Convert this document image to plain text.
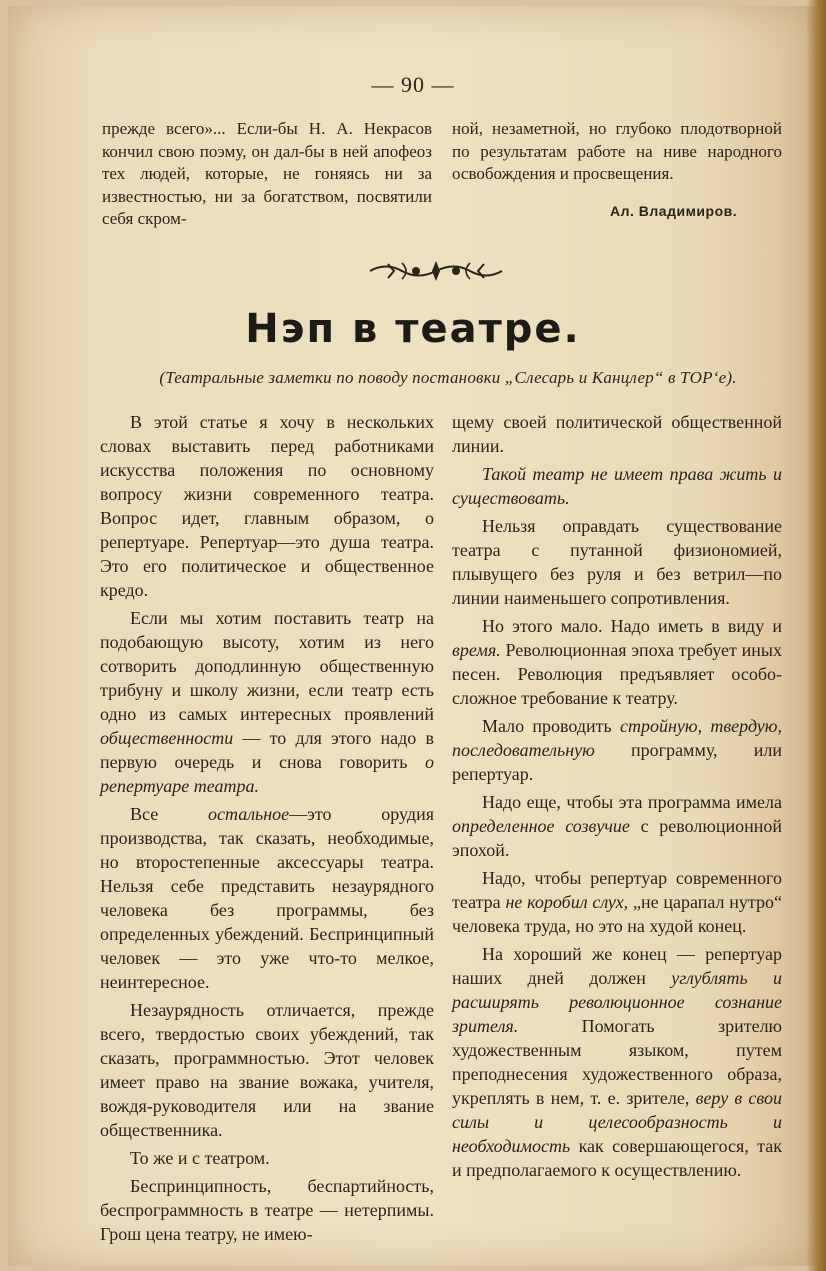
— 90 —

прежде всего»... Если-бы Н. А. Некрасов кончил свою поэму, он дал-бы в ней апофеоз тех людей, которые, не гоняясь ни за известностью, ни за богатством, посвятили себя скром-

ной, незаметной, но глубоко плодотворной по результатам работе на ниве народного освобождения и просвещения.

Ал. Владимиров.
Нэп в театре.
(Театральные заметки по поводу постановки „Слесарь и Канцлер“ в ТОР‘е).

В этой статье я хочу в нескольких словах выставить перед работниками искусства положения по основному вопросу жизни современного театра. Вопрос идет, главным образом, о репертуаре. Репертуар—это душа театра. Это его политическое и общественное кредо.

Если мы хотим поставить театр на подобающую высоту, хотим из него сотворить доподлинную общественную трибуну и школу жизни, если театр есть одно из самых интересных проявлений общественности — то для этого надо в первую очередь и снова говорить о репертуаре театра.

Все остальное—это орудия производства, так сказать, необходимые, но второстепенные аксессуары театра. Нельзя себе представить незаурядного человека без программы, без определенных убеждений. Беспринципный человек — это уже что-то мелкое, неинтересное.

Незаурядность отличается, прежде всего, твердостью своих убеждений, так сказать, программностью. Этот человек имеет право на звание вожака, учителя, вождя-руководителя или на звание общественника.

То же и с театром.

Беспринципность, беспартийность, беспрограммность в театре — нетерпимы. Грош цена театру, не имею-

щему своей политической общественной линии.

Такой театр не имеет права жить и существовать.

Нельзя оправдать существование театра с путанной физиономией, плывущего без руля и без ветрил—по линии наименьшего сопротивления.

Но этого мало. Надо иметь в виду и время. Революционная эпоха требует иных песен. Революция предъявляет особо-сложное требование к театру.

Мало проводить стройную, твердую, последовательную программу, или репертуар.

Надо еще, чтобы эта программа имела определенное созвучие с революционной эпохой.

Надо, чтобы репертуар современного театра не коробил слух, „не царапал нутро“ человека труда, но это на худой конец.

На хороший же конец — репертуар наших дней должен углублять и расширять революционное сознание зрителя. Помогать зрителю художественным языком, путем преподнесения художественного образа, укреплять в нем, т. е. зрителе, веру в свои силы и целесообразность и необходимость как совершающегося, так и предполагаемого к осуществлению.
